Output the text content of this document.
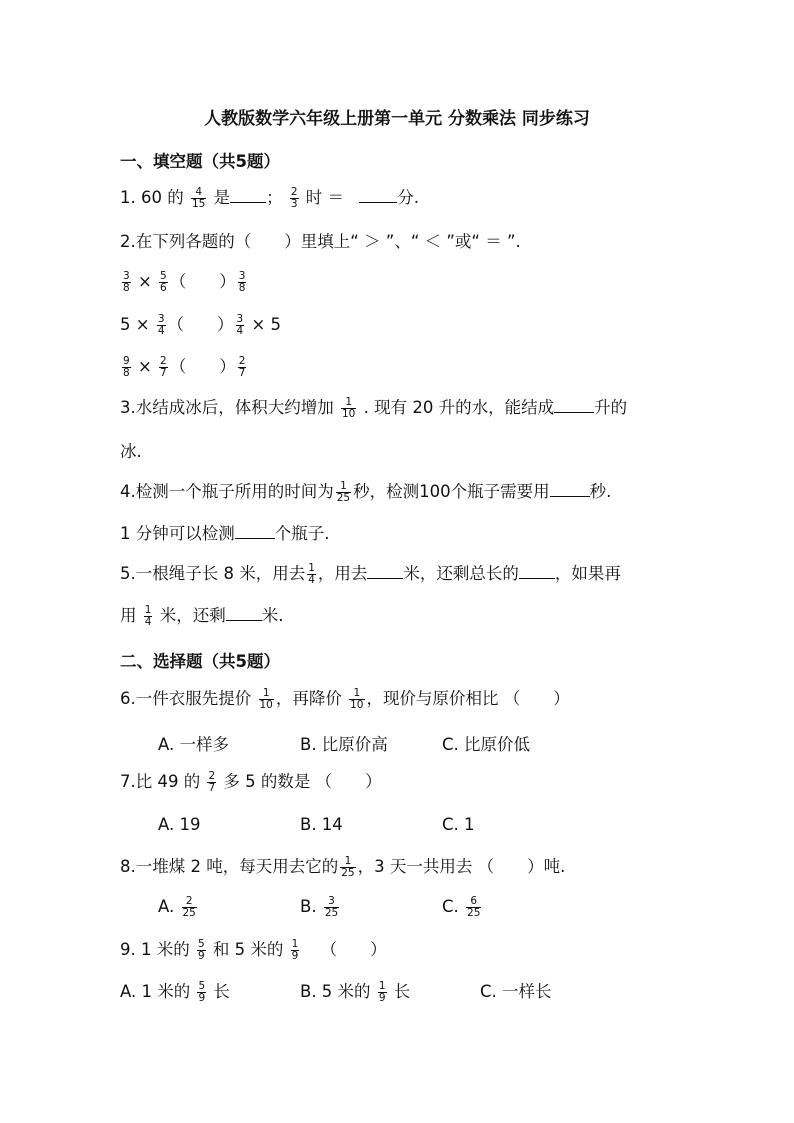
人教版数学六年级上册第一单元 分数乘法 同步练习
一、填空题（共5题）
1. 60 的 $\frac{4}{15}$ 是 ； $\frac{2}{3}$ 时 ＝	分.
2.在下列各题的（　　）里填上“ ＞ ”、“ ＜ ”或“ ＝ ”.
$\frac{3}{8} \times \frac{5}{6}$ （　　） $\frac{3}{8}$
$5 \times \frac{3}{4}$ （　　） $\frac{3}{4} \times 5$
$\frac{9}{8} \times \frac{2}{7}$ （　　） $\frac{2}{7}$
3.水结成冰后，体积大约增加 $\frac{1}{10}$ . 现有 20 升的水，能结成 升的
冰.
4.检测一个瓶子所用的时间为 $\frac{1}{25}$ 秒，检测100个瓶子需要用 秒.
1 分钟可以检测 个瓶子.
5.一根绳子长 8 米，用去 $\frac{1}{4}$ ，用去 米，还剩总长的 ，如果再
用 $\frac{1}{4}$ 米，还剩 米.
二、选择题（共5题）
6.一件衣服先提价 $\frac{1}{10}$ ，再降价 $\frac{1}{10}$ ，现价与原价相比 （　　）
A. 一样多	B. 比原价高	C. 比原价低
7.比 49 的 $\frac{2}{7}$ 多 5 的数是 （　　）
A. 19	B. 14	C. 1
8.一堆煤 2 吨，每天用去它的 $\frac{1}{25}$ ，3 天一共用去 （　　）吨.
A. $\frac{2}{25}$	B. $\frac{3}{25}$	C. $\frac{6}{25}$
9. 1 米的 $\frac{5}{9}$ 和 5 米的 $\frac{1}{9}$ （　　）
A. 1 米的 $\frac{5}{9}$ 长	B. 5 米的 $\frac{1}{9}$ 长	C. 一样长
